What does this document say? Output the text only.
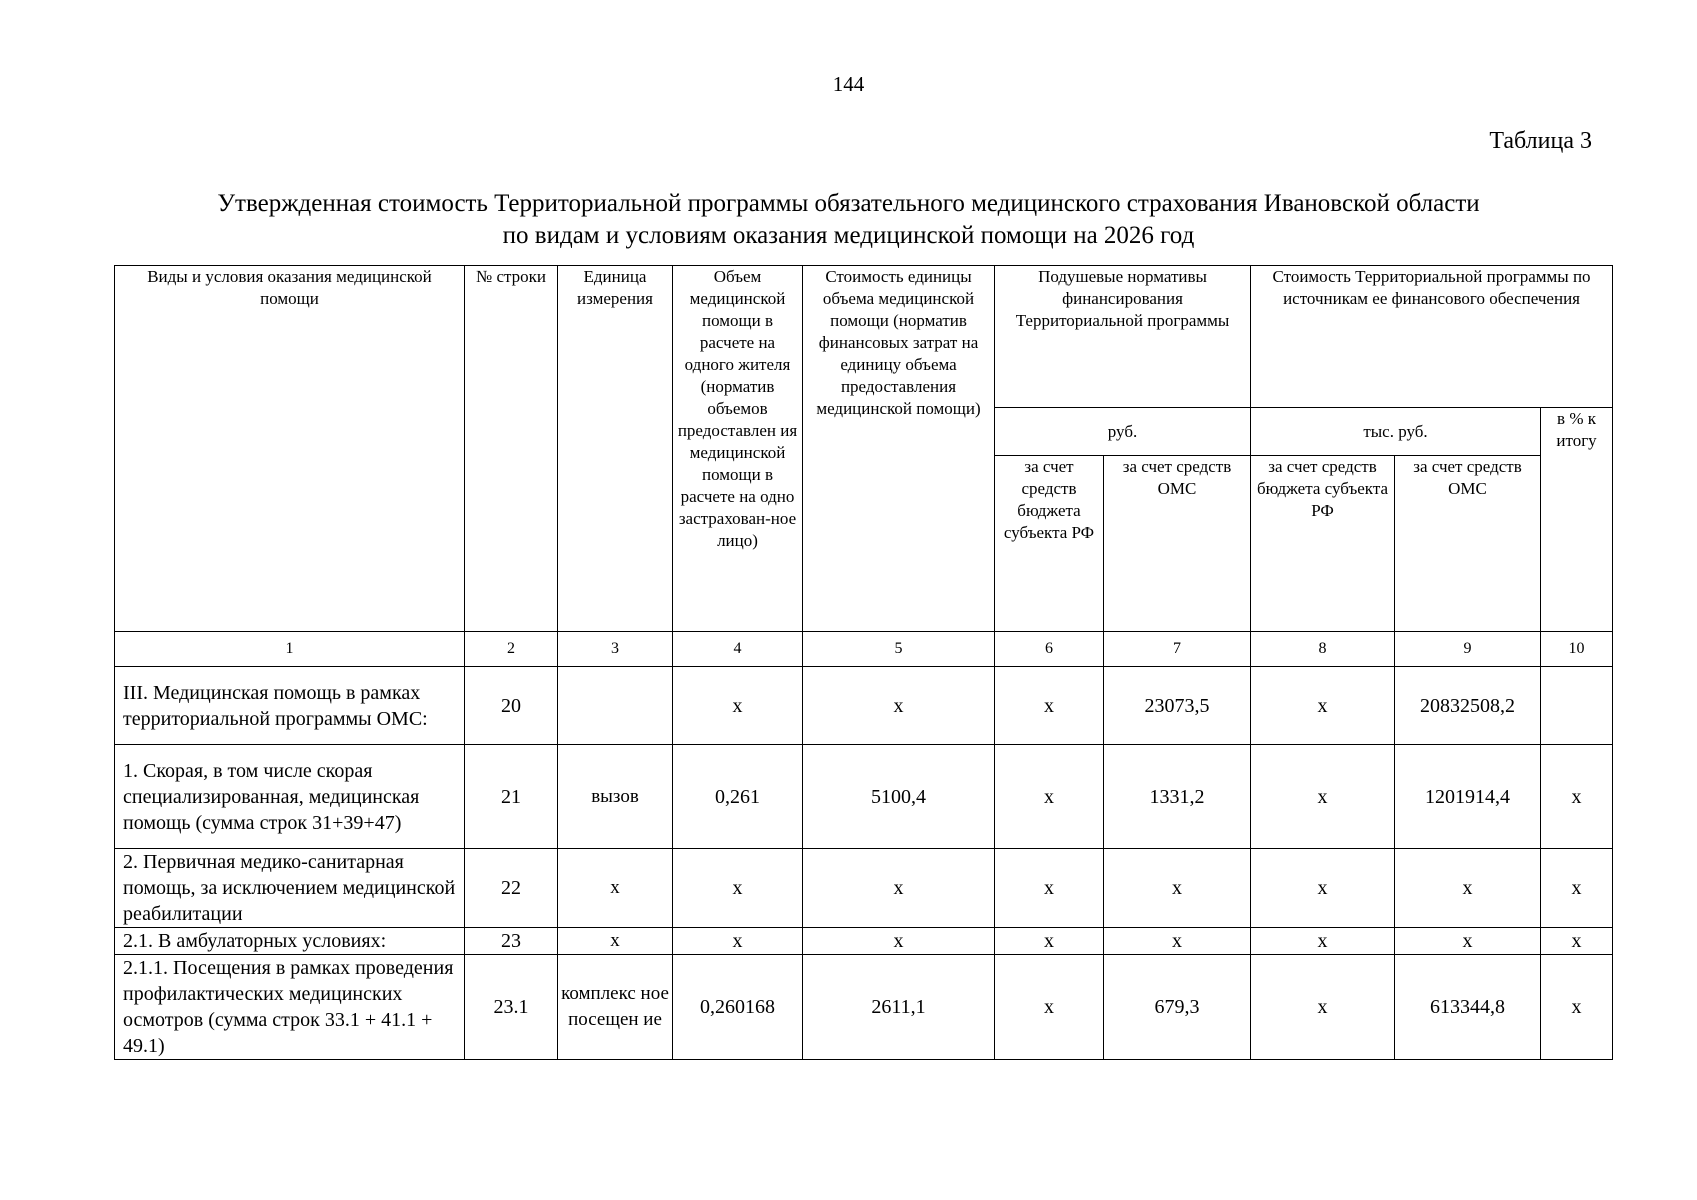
144
Таблица 3
Утвержденная стоимость Территориальной программы обязательного медицинского страхования Ивановской области
по видам и условиям оказания медицинской помощи на 2026 год
Виды и условия оказания медицинской помощи	№ строки	Единица измерения	Объем медицинской помощи в расчете на одного жителя (норматив объемов предоставлен ия медицинской помощи в расчете на одно застрахован-ное лицо)	Стоимость единицы объема медицинской помощи (норматив финансовых затрат на единицу объема предоставления медицинской помощи)	Подушевые нормативы финансирования Территориальной программы		Стоимость Территориальной программы по источникам ее финансового обеспечения		
					руб.		тыс. руб.		в % к итогу
					за счет средств бюджета субъекта РФ	за счет средств ОМС	за счет средств бюджета субъекта РФ	за счет средств ОМС	
1	2	3	4	5	6	7	8	9	10
III. Медицинская помощь в рамках территориальной программы ОМС:	20		х	х	х	23073,5	х	20832508,2	
1. Скорая, в том числе скорая специализированная, медицинская помощь (сумма строк 31+39+47)	21	вызов	0,261	5100,4	х	1331,2	х	1201914,4	х
2. Первичная медико-санитарная помощь, за исключением медицинской реабилитации	22	х	х	х	х	х	х	х	х
2.1. В амбулаторных условиях:	23	х	х	х	х	х	х	х	х
2.1.1. Посещения в рамках проведения профилактических медицинских осмотров (сумма строк 33.1 + 41.1 + 49.1)	23.1	комплекс ное посещен ие	0,260168	2611,1	х	679,3	х	613344,8	х
